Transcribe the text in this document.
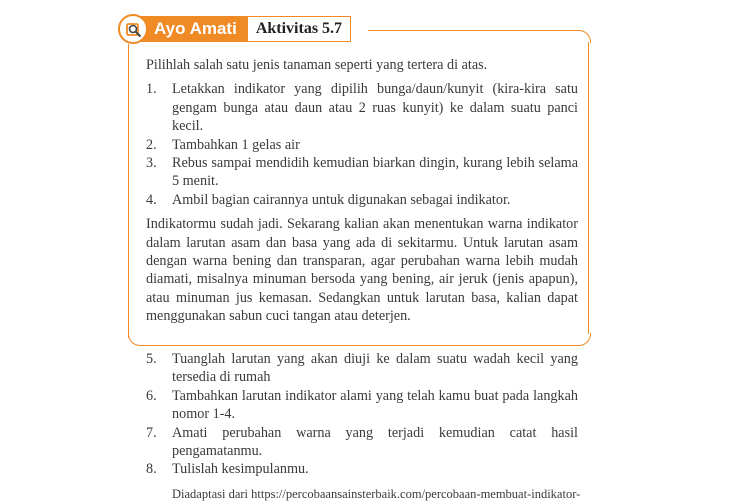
Ayo Amati	Aktivitas 5.7

Pilihlah salah satu jenis tanaman seperti yang tertera di atas.

1.	Letakkan indikator yang dipilih bunga/daun/kunyit (kira-kira satu gengam bunga atau daun atau 2 ruas kunyit) ke dalam suatu panci kecil.
2.	Tambahkan 1 gelas air
3.	Rebus sampai mendidih kemudian biarkan dingin, kurang lebih selama 5 menit.
4.	Ambil bagian cairannya untuk digunakan sebagai indikator.

Indikatormu sudah jadi. Sekarang kalian akan menentukan warna indikator dalam larutan asam dan basa yang ada di sekitarmu. Untuk larutan asam dengan warna bening dan transparan, agar perubahan warna lebih mudah diamati, misalnya minuman bersoda yang bening, air jeruk (jenis apapun), atau minuman jus kemasan. Sedangkan untuk larutan basa, kalian dapat menggunakan sabun cuci tangan atau deterjen.

5.	Tuanglah larutan yang akan diuji ke dalam suatu wadah kecil yang tersedia di rumah
6.	Tambahkan larutan indikator alami yang telah kamu buat pada langkah nomor 1-4.
7.	Amati perubahan warna yang terjadi kemudian catat hasil pengamatanmu.
8.	Tulislah kesimpulanmu.
Diadaptasi dari https://percobaansainsterbaik.com/percobaan-membuat-indikator-
